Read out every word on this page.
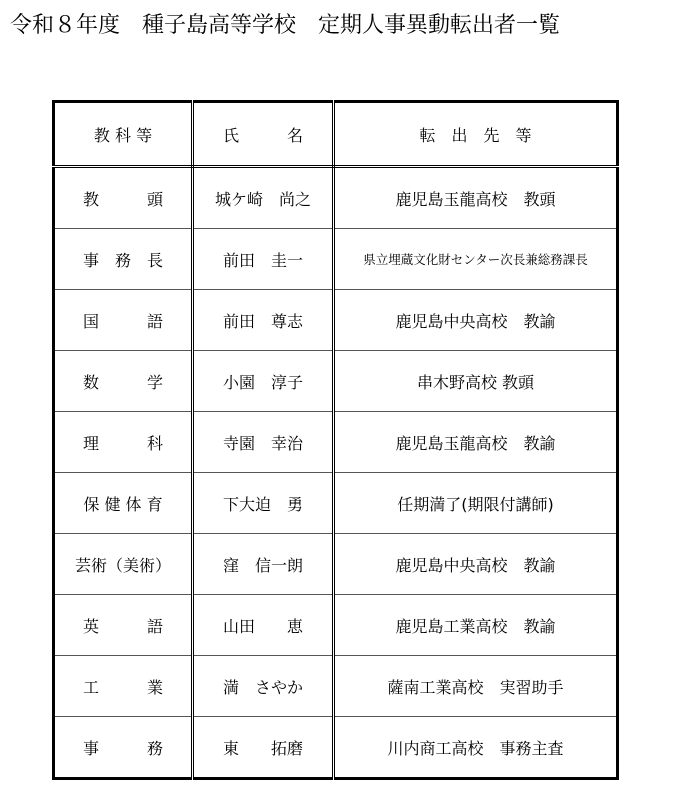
令和８年度　種子島高等学校　定期人事異動転出者一覧
教 科 等	氏　　　名	転　出　先　等
教　　　頭	城ケ崎　尚之	鹿児島玉龍高校　教頭
事　務　長	前田　圭一	県立埋蔵文化財センター次長兼総務課長
国　　　語	前田　尊志	鹿児島中央高校　教諭
数　　　学	小園　淳子	串木野高校 教頭
理　　　科	寺園　幸治	鹿児島玉龍高校　教諭
保 健 体 育	下大迫　勇	任期満了(期限付講師)
芸術（美術）	窪　信一朗	鹿児島中央高校　教諭
英　　　語	山田　　恵	鹿児島工業高校　教諭
工　　　業	満　さやか	薩南工業高校　実習助手
事　　　務	東　　拓磨	川内商工高校　事務主査
